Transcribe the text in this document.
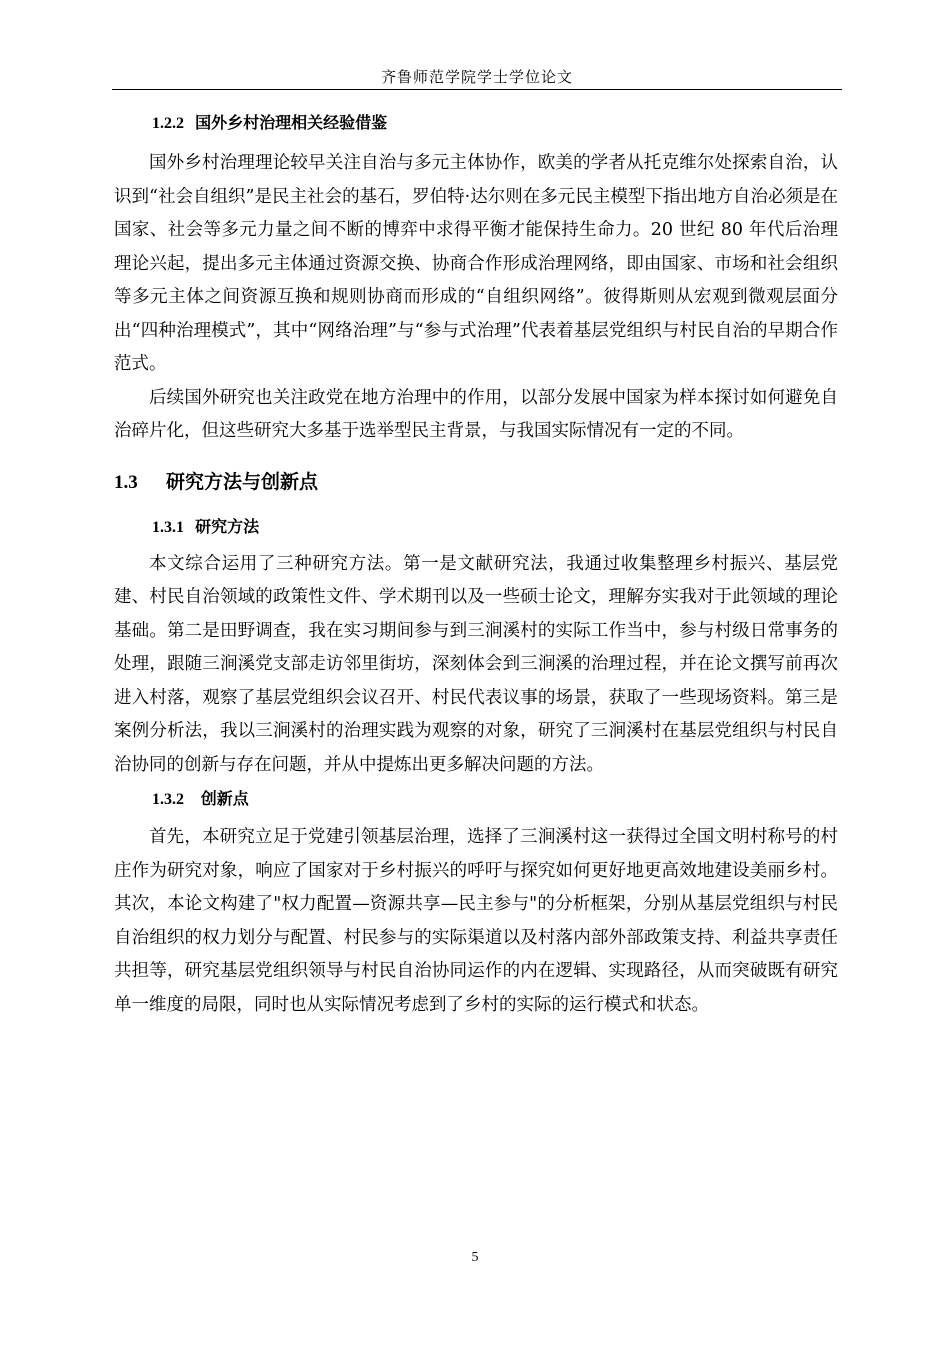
齐鲁师范学院学士学位论文
1.2.2 国外乡村治理相关经验借鉴

国外乡村治理理论较早关注自治与多元主体协作，欧美的学者从托克维尔处探索自治，认识到“社会自组织”是民主社会的基石，罗伯特·达尔则在多元民主模型下指出地方自治必须是在国家、社会等多元力量之间不断的博弈中求得平衡才能保持生命力。20 世纪 80 年代后治理理论兴起，提出多元主体通过资源交换、协商合作形成治理网络，即由国家、市场和社会组织等多元主体之间资源互换和规则协商而形成的“自组织网络”。彼得斯则从宏观到微观层面分出“四种治理模式”，其中“网络治理”与“参与式治理”代表着基层党组织与村民自治的早期合作范式。

后续国外研究也关注政党在地方治理中的作用，以部分发展中国家为样本探讨如何避免自治碎片化，但这些研究大多基于选举型民主背景，与我国实际情况有一定的不同。

1.3 研究方法与创新点
1.3.1 研究方法

本文综合运用了三种研究方法。第一是文献研究法，我通过收集整理乡村振兴、基层党建、村民自治领域的政策性文件、学术期刊以及一些硕士论文，理解夯实我对于此领域的理论基础。第二是田野调查，我在实习期间参与到三涧溪村的实际工作当中，参与村级日常事务的处理，跟随三涧溪党支部走访邻里街坊，深刻体会到三涧溪的治理过程，并在论文撰写前再次进入村落，观察了基层党组织会议召开、村民代表议事的场景，获取了一些现场资料。第三是案例分析法，我以三涧溪村的治理实践为观察的对象，研究了三涧溪村在基层党组织与村民自治协同的创新与存在问题，并从中提炼出更多解决问题的方法。

1.3.2 创新点

首先，本研究立足于党建引领基层治理，选择了三涧溪村这一获得过全国文明村称号的村庄作为研究对象，响应了国家对于乡村振兴的呼吁与探究如何更好地更高效地建设美丽乡村。其次，本论文构建了"权力配置—资源共享—民主参与"的分析框架，分别从基层党组织与村民自治组织的权力划分与配置、村民参与的实际渠道以及村落内部外部政策支持、利益共享责任共担等，研究基层党组织领导与村民自治协同运作的内在逻辑、实现路径，从而突破既有研究单一维度的局限，同时也从实际情况考虑到了乡村的实际的运行模式和状态。

5
